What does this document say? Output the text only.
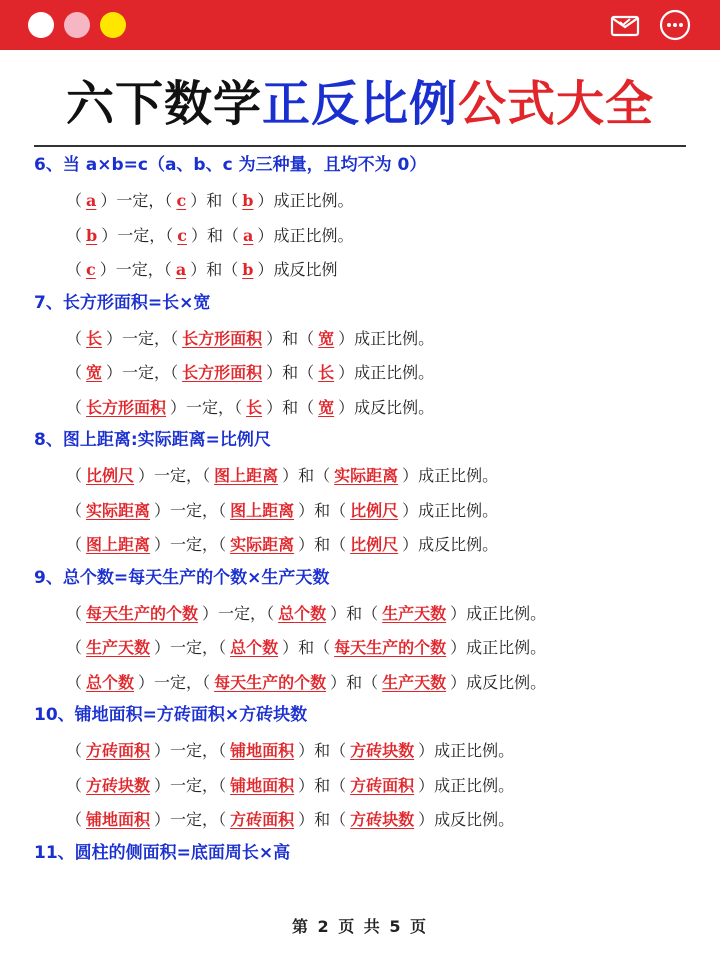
六下数学正反比例公式大全
6、当 a×b=c（a、b、c 为三种量，且均不为 0）
（ a ）一定，（ c ）和（ b ）成正比例。
（ b ）一定，（ c ）和（ a ）成正比例。
（ c ）一定，（ a ）和（ b ）成反比例
7、长方形面积=长×宽
（ 长 ）一定，（ 长方形面积 ）和（ 宽 ）成正比例。
（ 宽 ）一定，（ 长方形面积 ）和（ 长 ）成正比例。
（ 长方形面积 ）一定，（ 长 ）和（ 宽 ）成反比例。
8、图上距离:实际距离=比例尺
（ 比例尺 ）一定，（ 图上距离 ）和（ 实际距离 ）成正比例。
（ 实际距离 ）一定，（ 图上距离 ）和（ 比例尺 ）成正比例。
（ 图上距离 ）一定，（ 实际距离 ）和（ 比例尺 ）成反比例。
9、总个数=每天生产的个数×生产天数
（ 每天生产的个数 ）一定，（ 总个数 ）和（ 生产天数 ）成正比例。
（ 生产天数 ）一定，（ 总个数 ）和（ 每天生产的个数 ）成正比例。
（ 总个数 ）一定，（ 每天生产的个数 ）和（ 生产天数 ）成反比例。
10、铺地面积=方砖面积×方砖块数
（ 方砖面积 ）一定，（ 铺地面积 ）和（ 方砖块数 ）成正比例。
（ 方砖块数 ）一定，（ 铺地面积 ）和（ 方砖面积 ）成正比例。
（ 铺地面积 ）一定，（ 方砖面积 ）和（ 方砖块数 ）成反比例。
11、圆柱的侧面积=底面周长×高
第 2 页 共 5 页
